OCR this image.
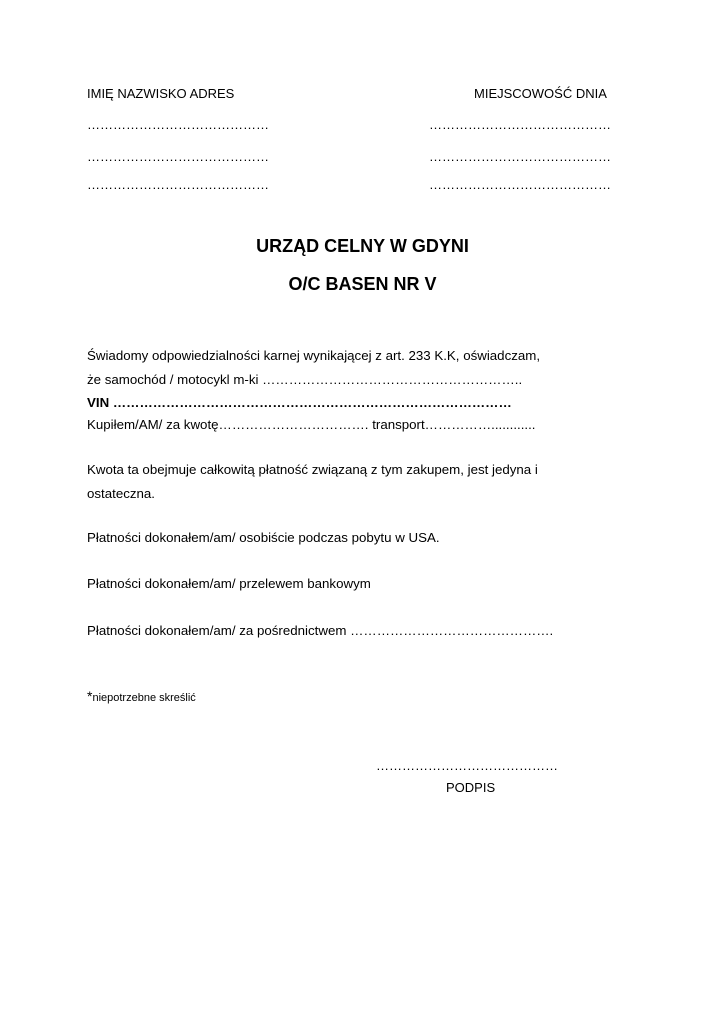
IMIĘ NAZWISKO ADRES	MIEJSCOWOŚĆ DNIA
……………………………………
……………………………………
……………………………………
……………………………………
……………………………………
……………………………………
URZĄD CELNY W GDYNI
O/C BASEN NR V
Świadomy odpowiedzialności karnej wynikającej z art. 233 K.K, oświadczam,
że samochód / motocykl m-ki …………………………………………………..
VIN ………………………………………………………………………………
Kupiłem/AM/ za kwotę……………………………. transport……………............
Kwota ta obejmuje całkowitą płatność związaną z tym zakupem, jest jedyna i
ostateczna.
Płatności dokonałem/am/ osobiście podczas pobytu w USA.
Płatności dokonałem/am/ przelewem bankowym
Płatności dokonałem/am/ za pośrednictwem ……………………………………….
*niepotrzebne skreślić
……………………………………
PODPIS
